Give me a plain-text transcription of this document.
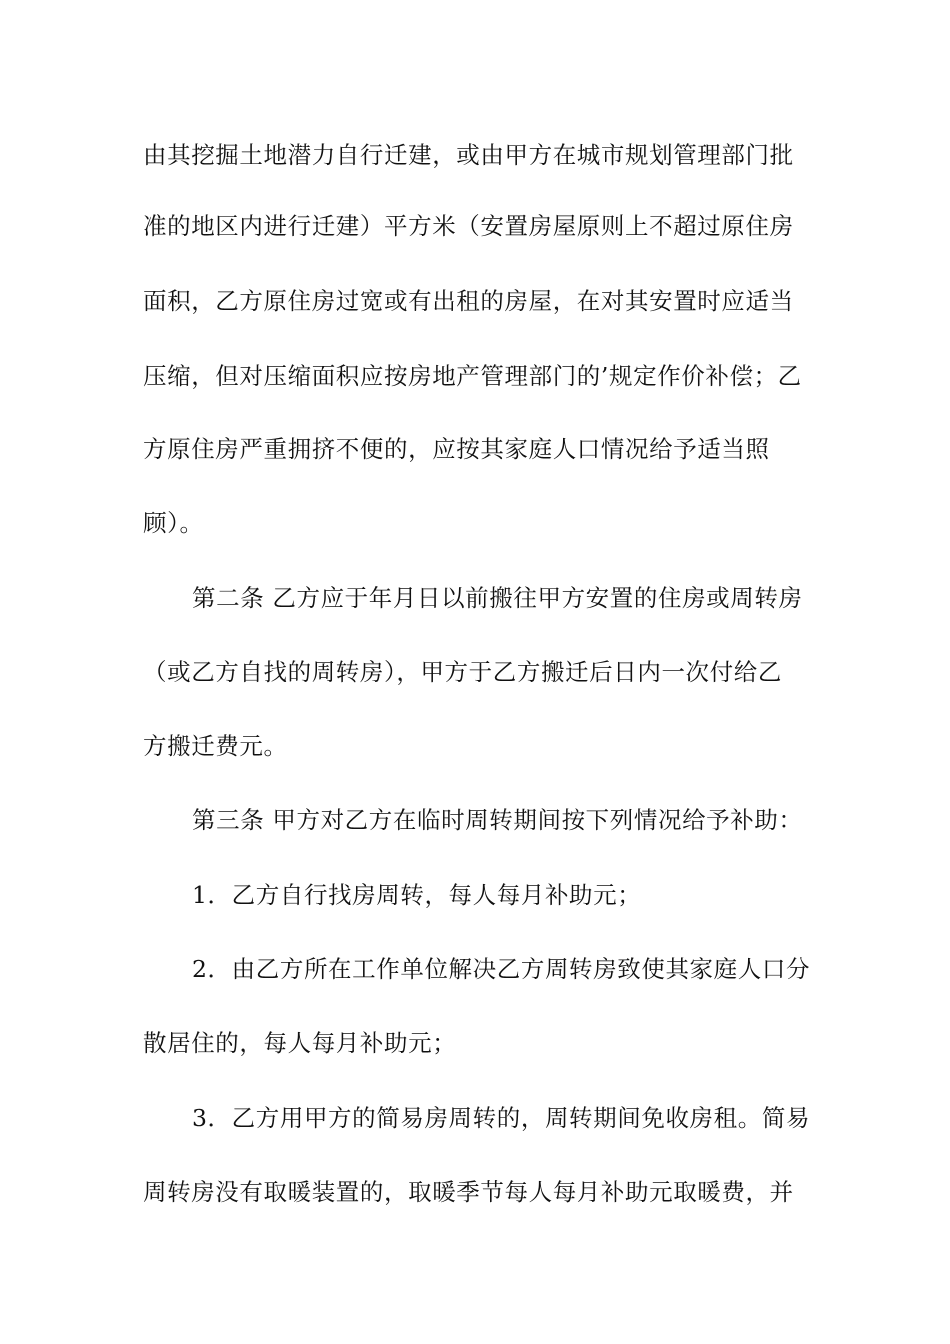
由其挖掘土地潜力自行迁建，或由甲方在城市规划管理部门批
准的地区内进行迁建）平方米（安置房屋原则上不超过原住房
面积，乙方原住房过宽或有出租的房屋，在对其安置时应适当
压缩，但对压缩面积应按房地产管理部门的’规定作价补偿；乙
方原住房严重拥挤不便的，应按其家庭人口情况给予适当照
顾）。
第二条 乙方应于年月日以前搬往甲方安置的住房或周转房
（或乙方自找的周转房），甲方于乙方搬迁后日内一次付给乙
方搬迁费元。
第三条 甲方对乙方在临时周转期间按下列情况给予补助：
1．乙方自行找房周转，每人每月补助元；
2．由乙方所在工作单位解决乙方周转房致使其家庭人口分
散居住的，每人每月补助元；
3．乙方用甲方的简易房周转的，周转期间免收房租。简易
周转房没有取暖装置的，取暖季节每人每月补助元取暖费，并
